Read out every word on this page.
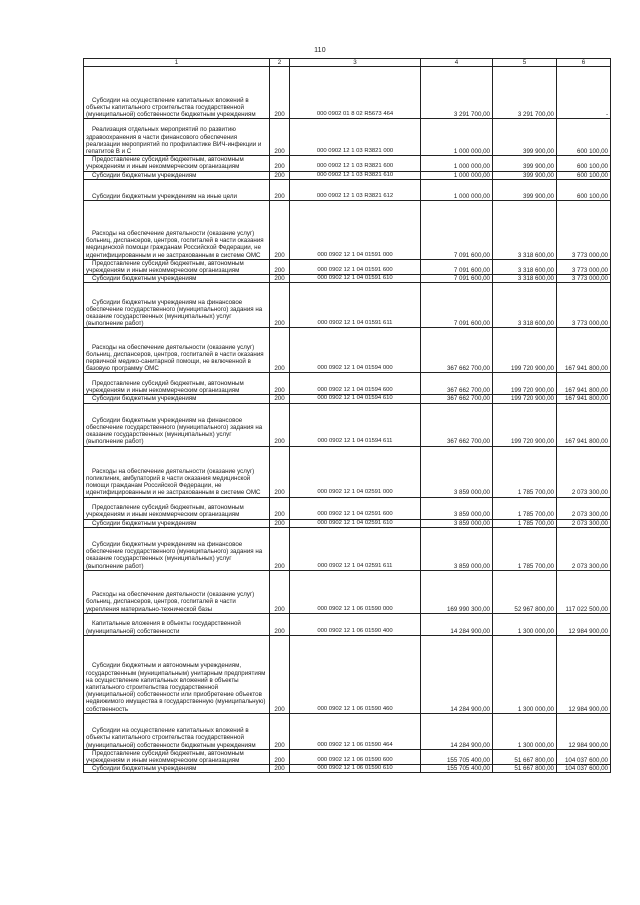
110
1	2	3	4	5	6
Субсидии на осуществление капитальных вложений в объекты капитального строительства государственной (муниципальной) собственности бюджетным учреждениям	200	000 0902 01 8 02 R5673 464	3 291 700,00	3 291 700,00	-
Реализация отдельных мероприятий по развитию здравоохранения в части финансового обеспечения реализации мероприятий по профилактике ВИЧ-инфекции и гепатитов В и С	200	000 0902 12 1 03 R3821 000	1 000 000,00	399 900,00	600 100,00
Предоставление субсидий бюджетным, автономным учреждениям и иным некоммерческим организациям	200	000 0902 12 1 03 R3821 600	1 000 000,00	399 900,00	600 100,00
Субсидии бюджетным учреждениям	200	000 0902 12 1 03 R3821 610	1 000 000,00	399 900,00	600 100,00
Субсидии бюджетным учреждениям на иные цели	200	000 0902 12 1 03 R3821 612	1 000 000,00	399 900,00	600 100,00
Расходы на обеспечение деятельности (оказание услуг) больниц, диспансеров, центров, госпиталей в части оказания медицинской помощи гражданам Российской Федерации, не идентифицированным и не застрахованным в системе ОМС	200	000 0902 12 1 04 01591 000	7 091 600,00	3 318 600,00	3 773 000,00
Предоставление субсидий бюджетным, автономным учреждениям и иным некоммерческим организациям	200	000 0902 12 1 04 01591 600	7 091 600,00	3 318 600,00	3 773 000,00
Субсидии бюджетным учреждениям	200	000 0902 12 1 04 01591 610	7 091 600,00	3 318 600,00	3 773 000,00
Субсидии бюджетным учреждениям на финансовое обеспечение государственного (муниципального) задания на оказание государственных (муниципальных) услуг (выполнение работ)	200	000 0902 12 1 04 01591 611	7 091 600,00	3 318 600,00	3 773 000,00
Расходы на обеспечение деятельности (оказание услуг) больниц, диспансеров, центров, госпиталей в части оказания первичной медико-санитарной помощи, не включенной в базовую программу ОМС	200	000 0902 12 1 04 01594 000	367 662 700,00	199 720 900,00	167 941 800,00
Предоставление субсидий бюджетным, автономным учреждениям и иным некоммерческим организациям	200	000 0902 12 1 04 01594 600	367 662 700,00	199 720 900,00	167 941 800,00
Субсидии бюджетным учреждениям	200	000 0902 12 1 04 01594 610	367 662 700,00	199 720 900,00	167 941 800,00
Субсидии бюджетным учреждениям на финансовое обеспечение государственного (муниципального) задания на оказание государственных (муниципальных) услуг (выполнение работ)	200	000 0902 12 1 04 01594 611	367 662 700,00	199 720 900,00	167 941 800,00
Расходы на обеспечение деятельности (оказание услуг) поликлиник, амбулаторий в части оказания медицинской помощи гражданам Российской Федерации, не идентифицированным и не застрахованным в системе ОМС	200	000 0902 12 1 04 02591 000	3 859 000,00	1 785 700,00	2 073 300,00
Предоставление субсидий бюджетным, автономным учреждениям и иным некоммерческим организациям	200	000 0902 12 1 04 02591 600	3 859 000,00	1 785 700,00	2 073 300,00
Субсидии бюджетным учреждениям	200	000 0902 12 1 04 02591 610	3 859 000,00	1 785 700,00	2 073 300,00
Субсидии бюджетным учреждениям на финансовое обеспечение государственного (муниципального) задания на оказание государственных (муниципальных) услуг (выполнение работ)	200	000 0902 12 1 04 02591 611	3 859 000,00	1 785 700,00	2 073 300,00
Расходы на обеспечение деятельности (оказание услуг) больниц, диспансеров, центров, госпиталей в части укрепления материально-технической базы	200	000 0902 12 1 06 01590 000	169 990 300,00	52 967 800,00	117 022 500,00
Капитальные вложения в объекты государственной (муниципальной) собственности	200	000 0902 12 1 06 01590 400	14 284 900,00	1 300 000,00	12 984 900,00
Субсидии бюджетным и автономным учреждениям, государственным (муниципальным) унитарным предприятиям на осуществление капитальных вложений в объекты капитального строительства государственной (муниципальной) собственности или приобретение объектов недвижимого имущества в государственную (муниципальную) собственность	200	000 0902 12 1 06 01590 460	14 284 900,00	1 300 000,00	12 984 900,00
Субсидии на осуществление капитальных вложений в объекты капитального строительства государственной (муниципальной) собственности бюджетным учреждениям	200	000 0902 12 1 06 01590 464	14 284 900,00	1 300 000,00	12 984 900,00
Предоставление субсидий бюджетным, автономным учреждениям и иным некоммерческим организациям	200	000 0902 12 1 06 01590 600	155 705 400,00	51 667 800,00	104 037 600,00
Субсидии бюджетным учреждениям	200	000 0902 12 1 06 01590 610	155 705 400,00	51 667 800,00	104 037 600,00
